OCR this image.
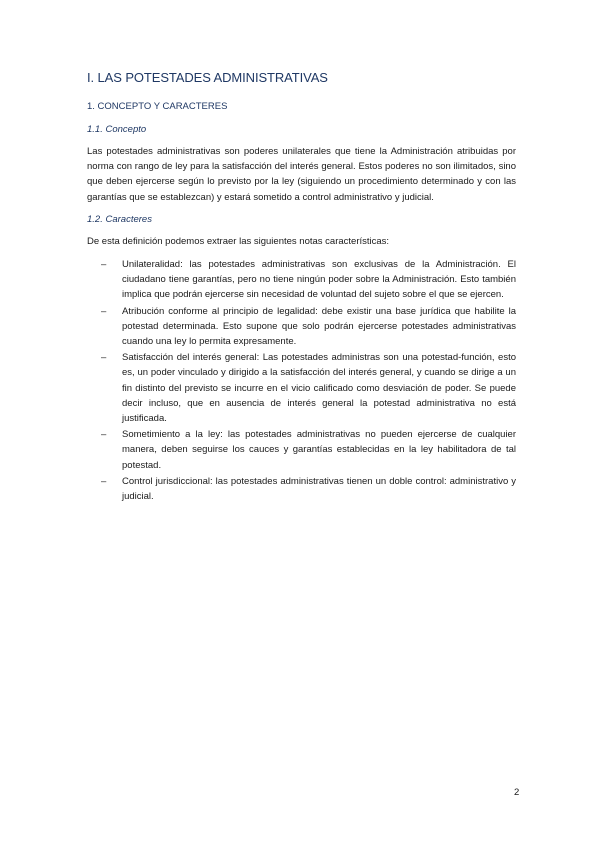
I. LAS POTESTADES ADMINISTRATIVAS
1. CONCEPTO Y CARACTERES
1.1. Concepto

Las potestades administrativas son poderes unilaterales que tiene la Administración atribuidas por norma con rango de ley para la satisfacción del interés general. Estos poderes no son ilimitados, sino que deben ejercerse según lo previsto por la ley (siguiendo un procedimiento determinado y con las garantías que se establezcan) y estará sometido a control administrativo y judicial.

1.2. Caracteres

De esta definición podemos extraer las siguientes notas características:

– Unilateralidad: las potestades administrativas son exclusivas de la Administración. El ciudadano tiene garantías, pero no tiene ningún poder sobre la Administración. Esto también implica que podrán ejercerse sin necesidad de voluntad del sujeto sobre el que se ejercen.
– Atribución conforme al principio de legalidad: debe existir una base jurídica que habilite la potestad determinada. Esto supone que solo podrán ejercerse potestades administrativas cuando una ley lo permita expresamente.
– Satisfacción del interés general: Las potestades administras son una potestad-función, esto es, un poder vinculado y dirigido a la satisfacción del interés general, y cuando se dirige a un fin distinto del previsto se incurre en el vicio calificado como desviación de poder. Se puede decir incluso, que en ausencia de interés general la potestad administrativa no está justificada.
– Sometimiento a la ley: las potestades administrativas no pueden ejercerse de cualquier manera, deben seguirse los cauces y garantías establecidas en la ley habilitadora de tal potestad.
– Control jurisdiccional: las potestades administrativas tienen un doble control: administrativo y judicial.
2
